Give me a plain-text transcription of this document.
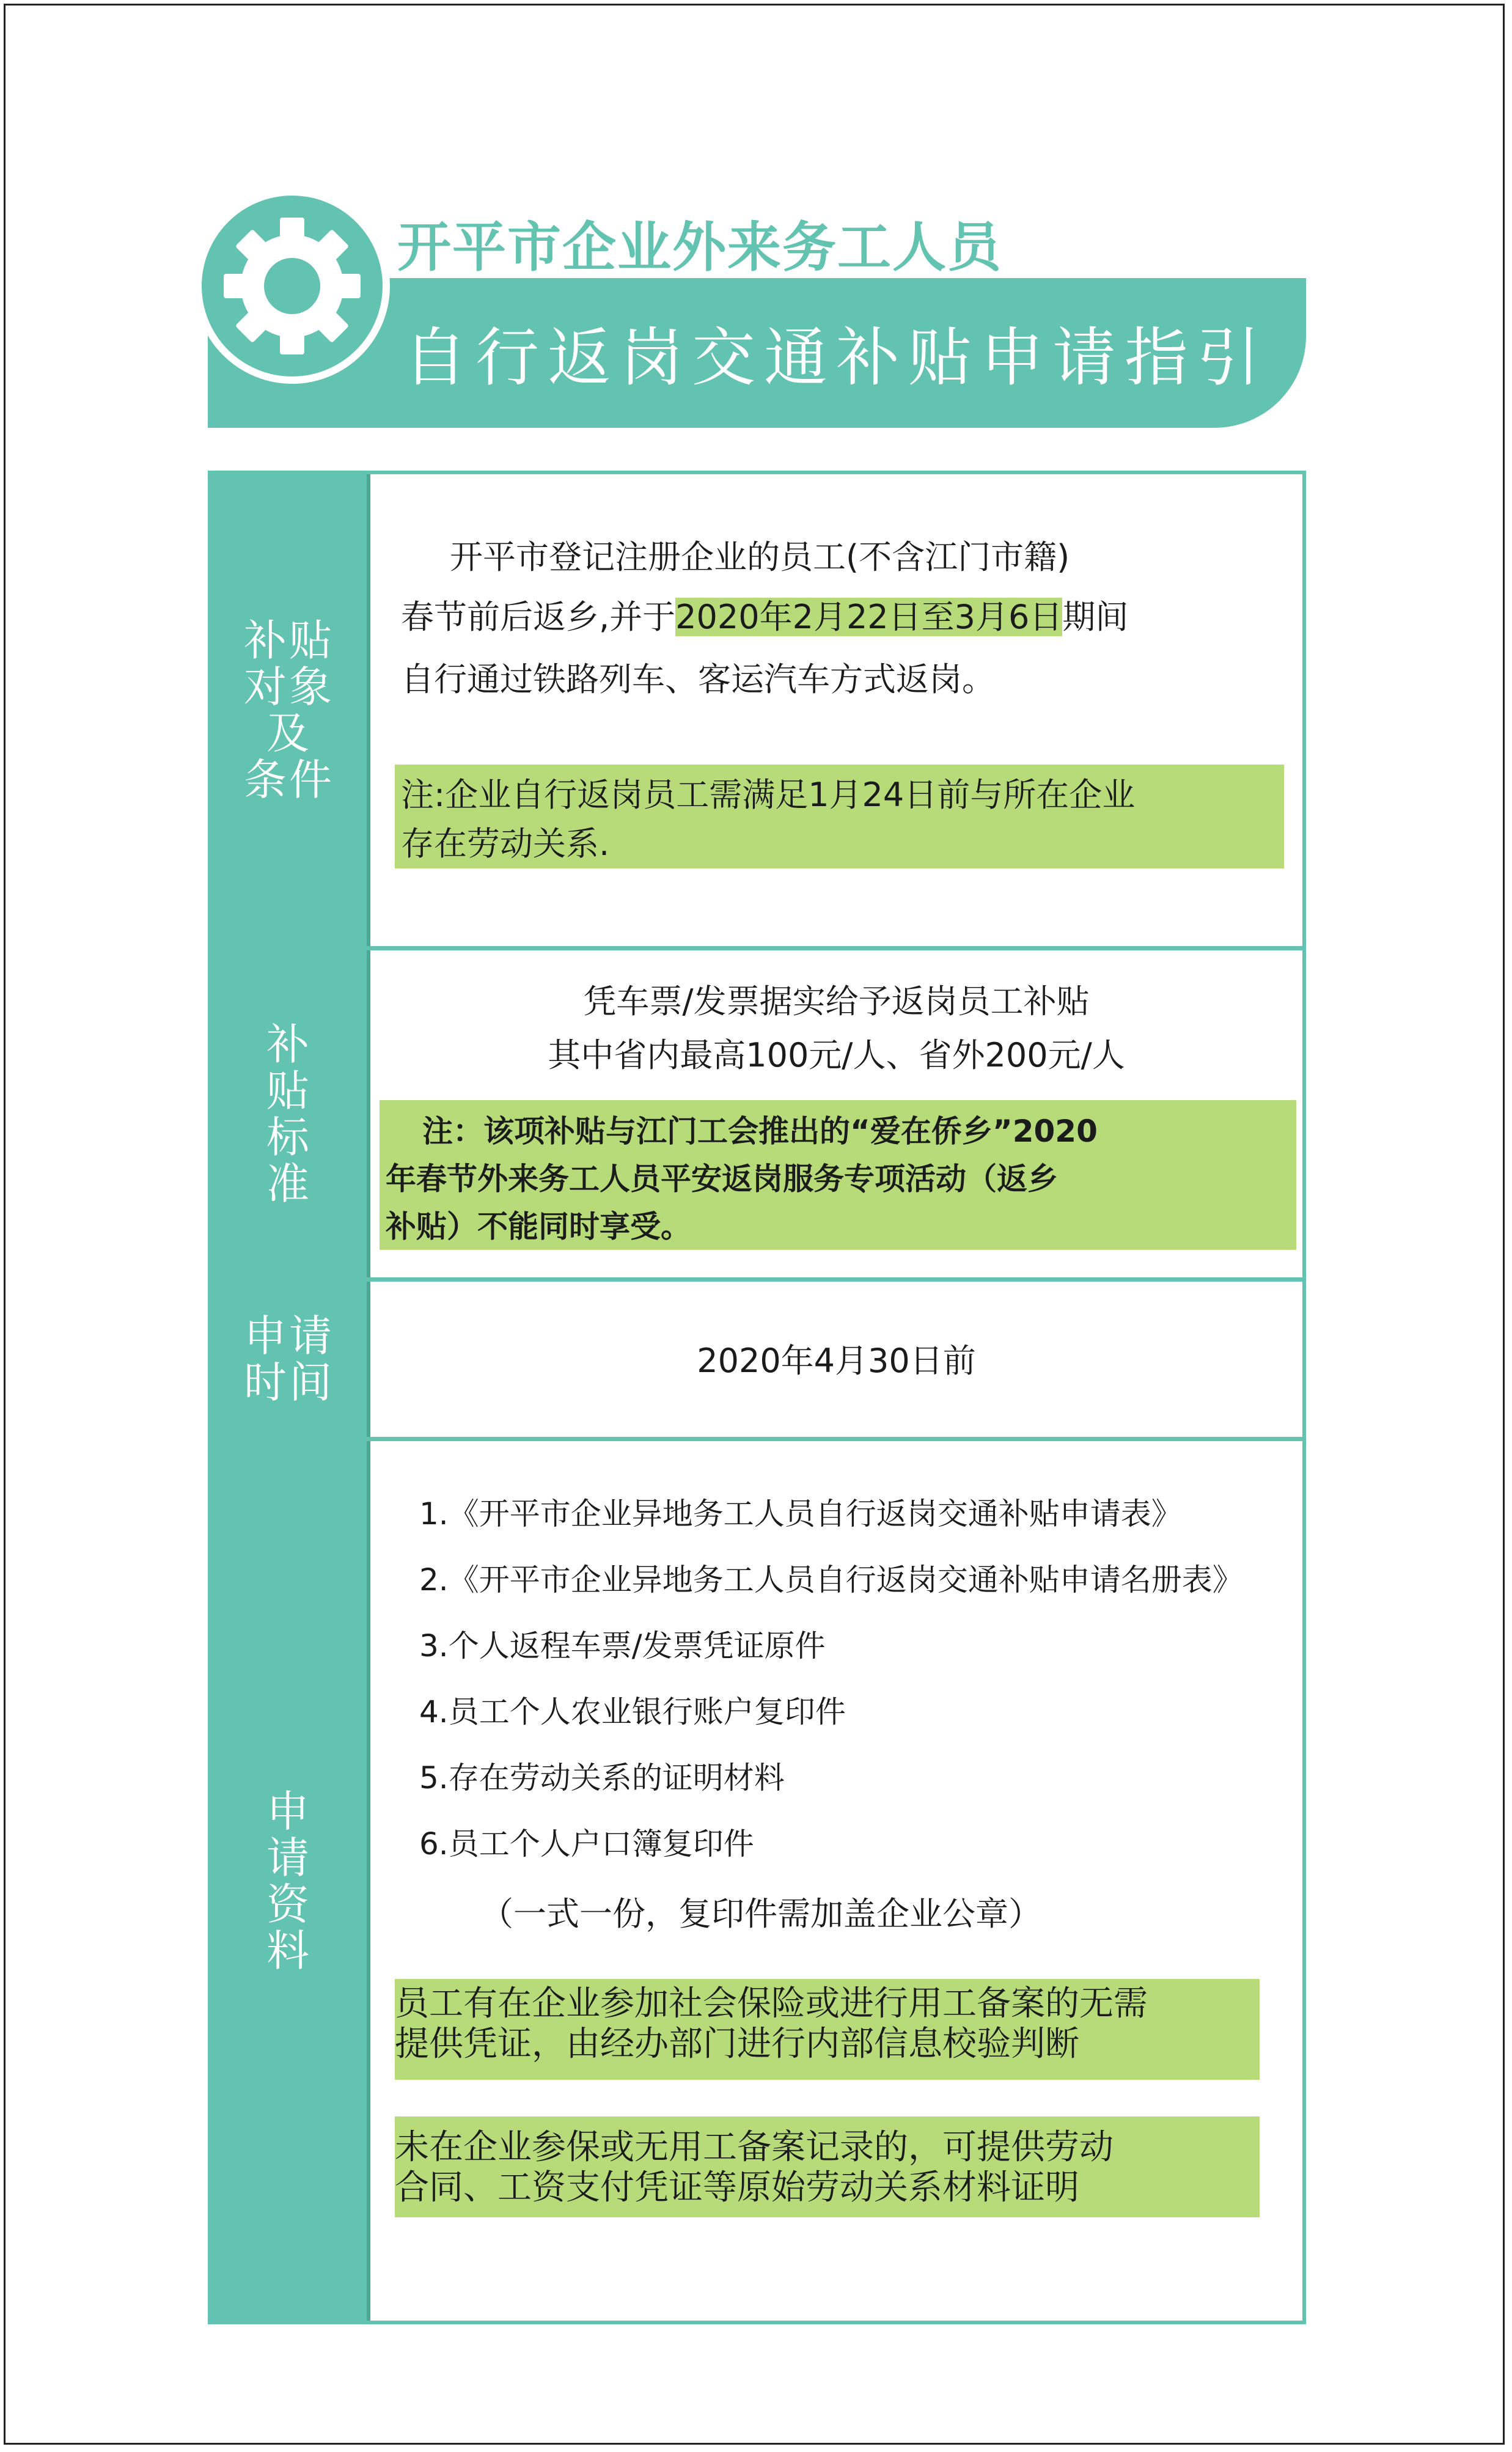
开平市企业外来务工人员
自行返岗交通补贴申请指引
补贴
对象
及
条件
开平市登记注册企业的员工(不含江门市籍)
春节前后返乡,并于2020年2月22日至3月6日期间
自行通过铁路列车、客运汽车方式返岗。
注:企业自行返岗员工需满足1月24日前与所在企业
存在劳动关系.
补
贴
标
准
凭车票/发票据实给予返岗员工补贴
其中省内最高100元/人、省外200元/人
注：该项补贴与江门工会推出的“爱在侨乡”2020
年春节外来务工人员平安返岗服务专项活动（返乡
补贴）不能同时享受。
申请
时间	2020年4月30日前
申
请
资
料
1.《开平市企业异地务工人员自行返岗交通补贴申请表》
2.《开平市企业异地务工人员自行返岗交通补贴申请名册表》
3.个人返程车票/发票凭证原件
4.员工个人农业银行账户复印件
5.存在劳动关系的证明材料
6.员工个人户口簿复印件
（一式一份，复印件需加盖企业公章）
员工有在企业参加社会保险或进行用工备案的无需
提供凭证，由经办部门进行内部信息校验判断
未在企业参保或无用工备案记录的，可提供劳动
合同、工资支付凭证等原始劳动关系材料证明
